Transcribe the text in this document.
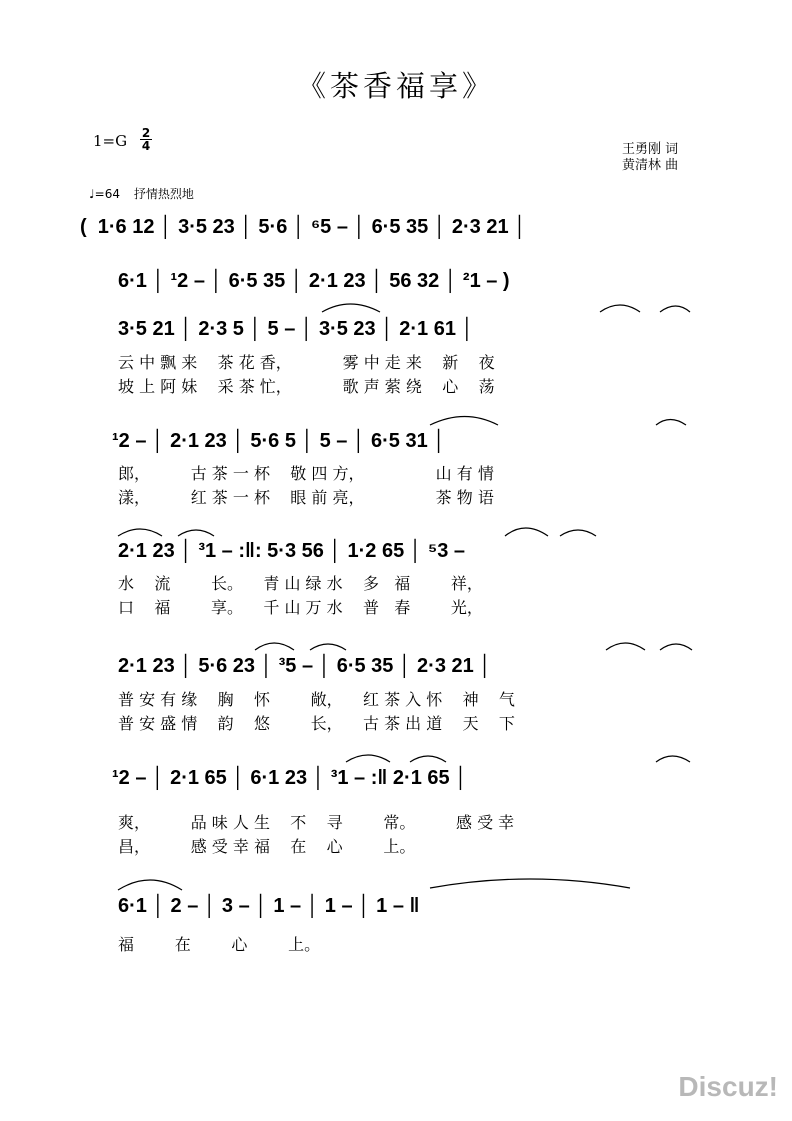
《茶香福享》
1=G 2
4	王勇刚 词
黄清林 曲
♩=64 抒情热烈地
(  1·6 12 │ 3·5 23 │ 5·6 │ ⁶5 – │ 6·5 35 │ 2·3 21 │
6·1 │ ¹2 – │ 6·5 35 │ 2·1 23 │ 56 32 │ ²1 – )
3·5 21 │ 2·3 5 │ 5 – │ 3·5 23 │ 2·1 61 │
云 中 飘 来    茶 花 香，          雾 中 走 来    新    夜
坡 上 阿 妹    采 茶 忙，          歌 声 萦 绕    心    荡
¹2 – │ 2·1 23 │ 5·6 5 │ 5 – │ 6·5 31 │
郎，        古 茶 一 杯    敬 四 方，              山 有 情
漾，        红 茶 一 杯    眼 前 亮，              茶 物 语
2·1 23 │ ³1 – :‖: 5·3 56 │ 1·2 65 │ ⁵3 –
水    流        长。    青 山 绿 水    多   福        祥，
口    福        享。    千 山 万 水    普   春        光，
2·1 23 │ 5·6 23 │ ³5 – │ 6·5 35 │ 2·3 21 │
普 安 有 缘    胸    怀        敞，    红 茶 入 怀    神    气
普 安 盛 情    韵    悠        长，    古 茶 出 道    天    下
¹2 – │ 2·1 65 │ 6·1 23 │ ³1 – :‖ 2·1 65 │
爽，        品 味 人 生    不    寻        常。        感 受 幸
昌，        感 受 幸 福    在    心        上。
6·1 │ 2 – │ 3 – │ 1 – │ 1 – │ 1 – ‖
福        在        心        上。
Discuz!
